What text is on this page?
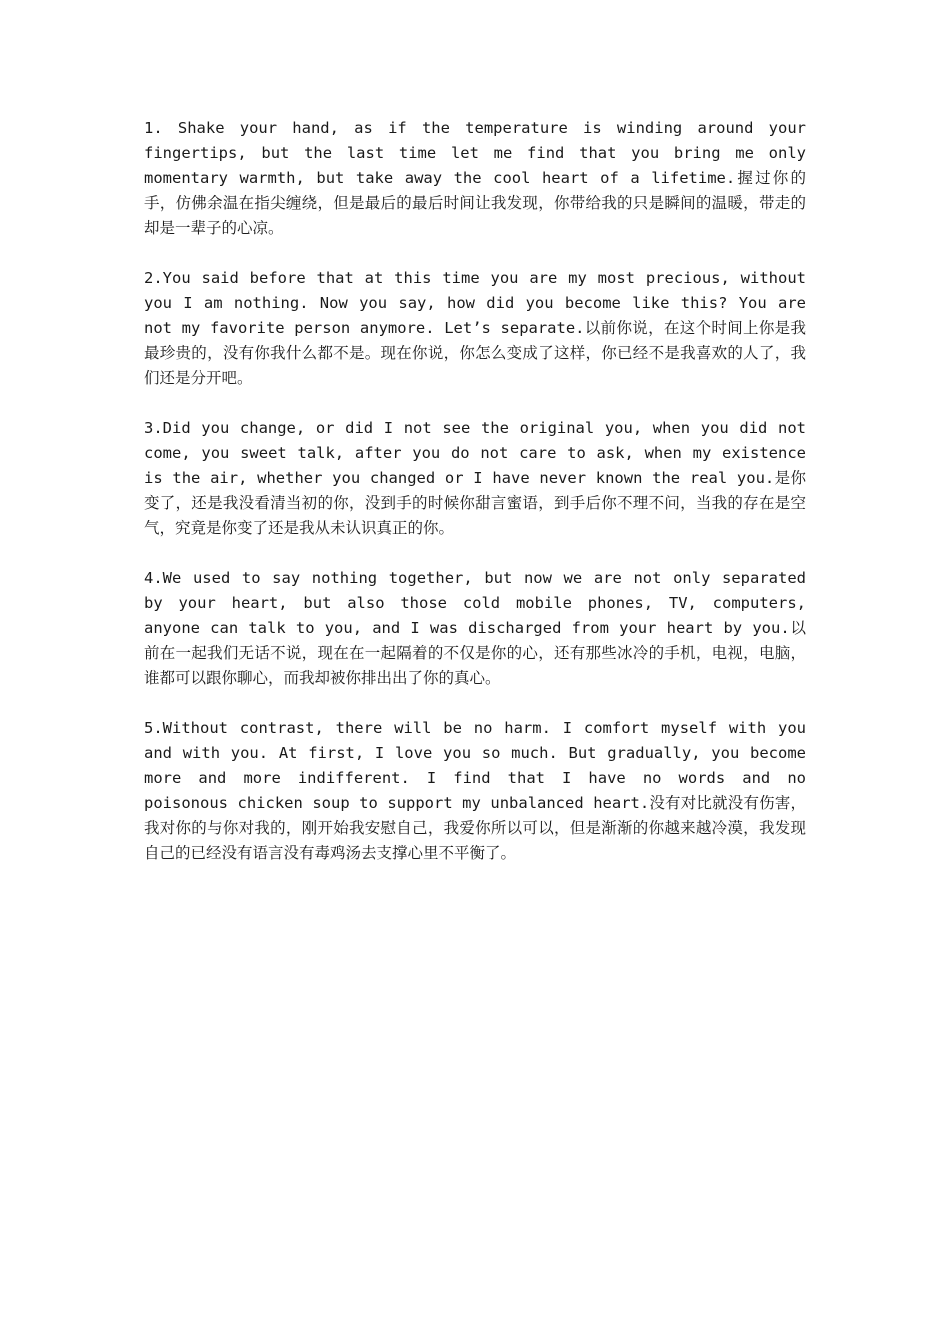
1. Shake your hand, as if the temperature is winding around your fingertips, but the last time let me find that you bring me only momentary warmth, but take away the cool heart of a lifetime.握过你的手，仿佛余温在指尖缠绕，但是最后的最后时间让我发现，你带给我的只是瞬间的温暖，带走的却是一辈子的心凉。

2.You said before that at this time you are my most precious, without you I am nothing. Now you say, how did you become like this? You are not my favorite person anymore. Let’s separate.以前你说，在这个时间上你是我最珍贵的，没有你我什么都不是。现在你说，你怎么变成了这样，你已经不是我喜欢的人了，我们还是分开吧。

3.Did you change, or did I not see the original you, when you did not come, you sweet talk, after you do not care to ask, when my existence is the air, whether you changed or I have never known the real you.是你变了，还是我没看清当初的你，没到手的时候你甜言蜜语，到手后你不理不问，当我的存在是空气，究竟是你变了还是我从未认识真正的你。

4.We used to say nothing together, but now we are not only separated by your heart, but also those cold mobile phones, TV, computers, anyone can talk to you, and I was discharged from your heart by you.以前在一起我们无话不说，现在在一起隔着的不仅是你的心，还有那些冰冷的手机，电视，电脑，谁都可以跟你聊心，而我却被你排出出了你的真心。

5.Without contrast, there will be no harm. I comfort myself with you and with you. At first, I love you so much. But gradually, you become more and more indifferent. I find that I have no words and no poisonous chicken soup to support my unbalanced heart.没有对比就没有伤害，我对你的与你对我的，刚开始我安慰自己，我爱你所以可以，但是渐渐的你越来越冷漠，我发现自己的已经没有语言没有毒鸡汤去支撑心里不平衡了。
